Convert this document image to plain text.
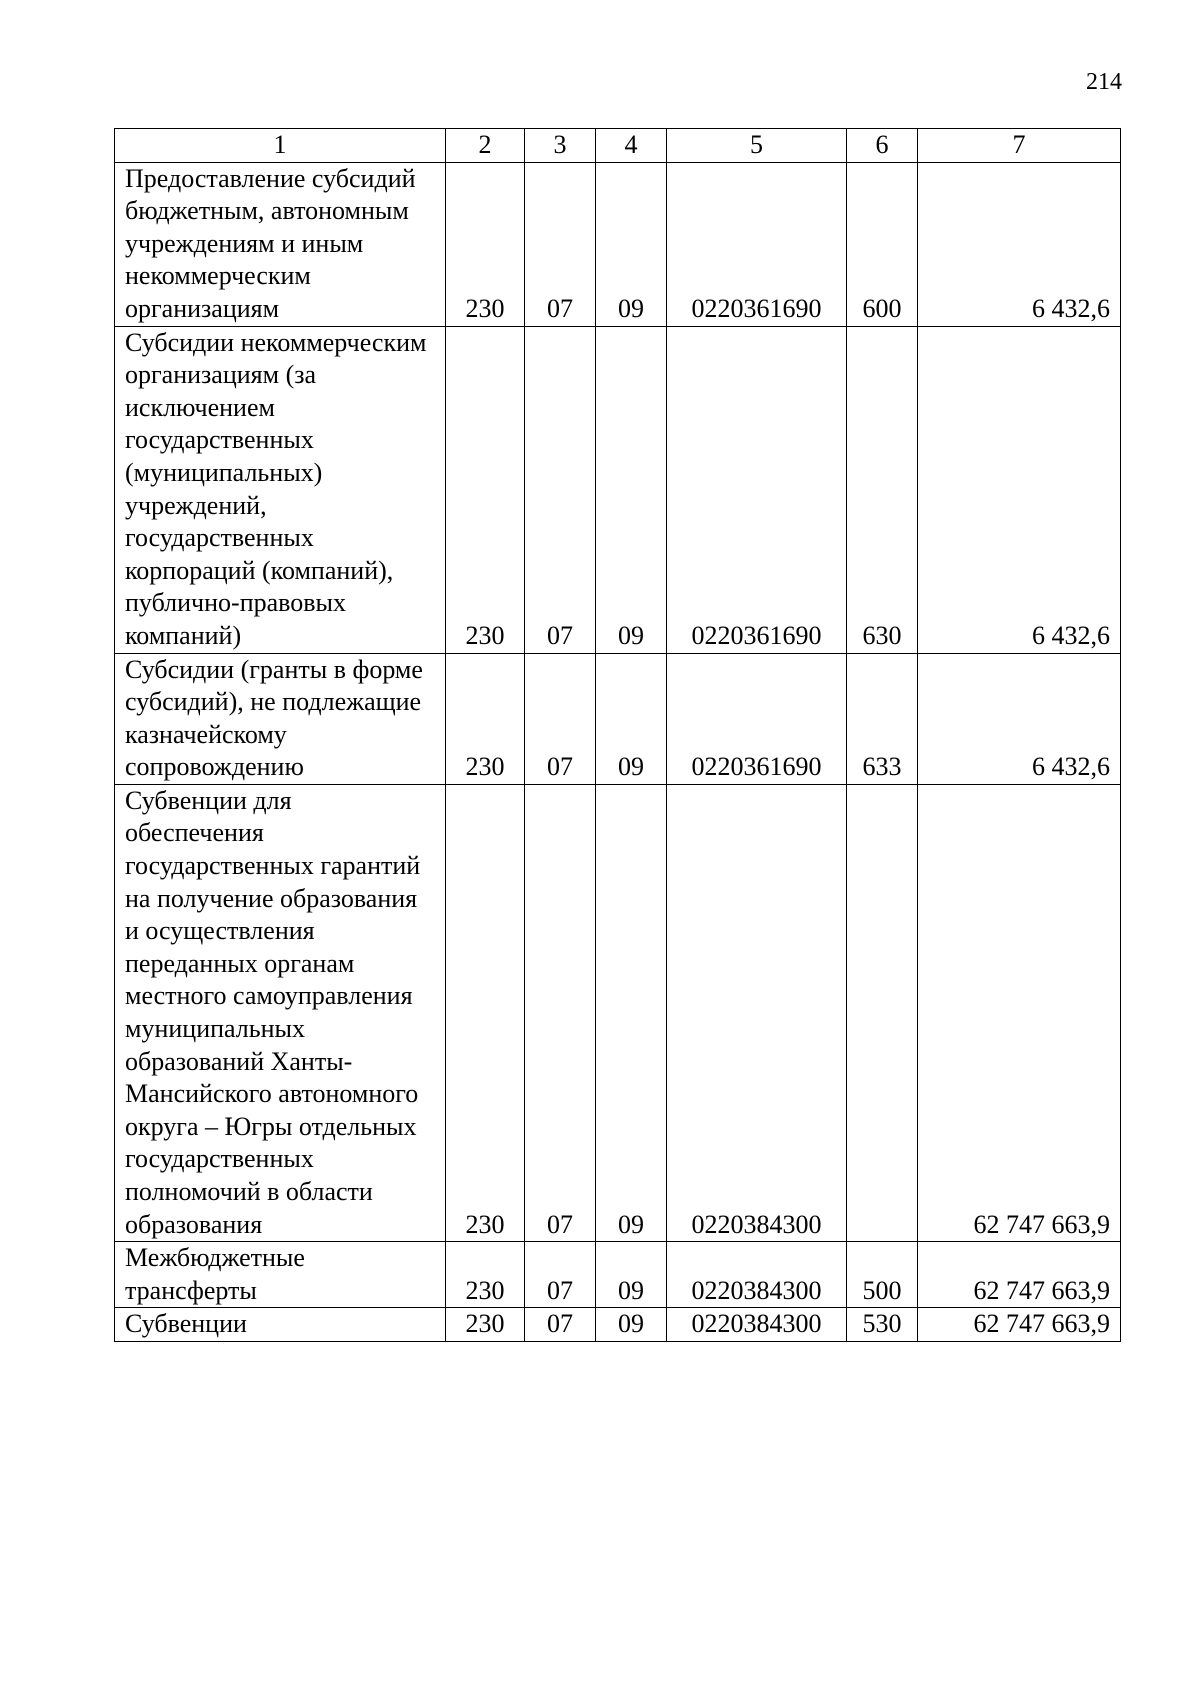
214
1	2	3	4	5	6	7
Предоставление субсидий бюджетным, автономным учреждениям и иным некоммерческим организациям	230	07	09	0220361690	600	6 432,6
Субсидии некоммерческим организациям (за исключением государственных (муниципальных) учреждений, государственных корпораций (компаний), публично-правовых компаний)	230	07	09	0220361690	630	6 432,6
Субсидии (гранты в форме субсидий), не подлежащие казначейскому сопровождению	230	07	09	0220361690	633	6 432,6
Субвенции для обеспечения государственных гарантий на получение образования и осуществления переданных органам местного самоуправления муниципальных образований Ханты-Мансийского автономного округа – Югры отдельных государственных полномочий в области образования	230	07	09	0220384300		62 747 663,9
Межбюджетные трансферты	230	07	09	0220384300	500	62 747 663,9
Субвенции	230	07	09	0220384300	530	62 747 663,9
